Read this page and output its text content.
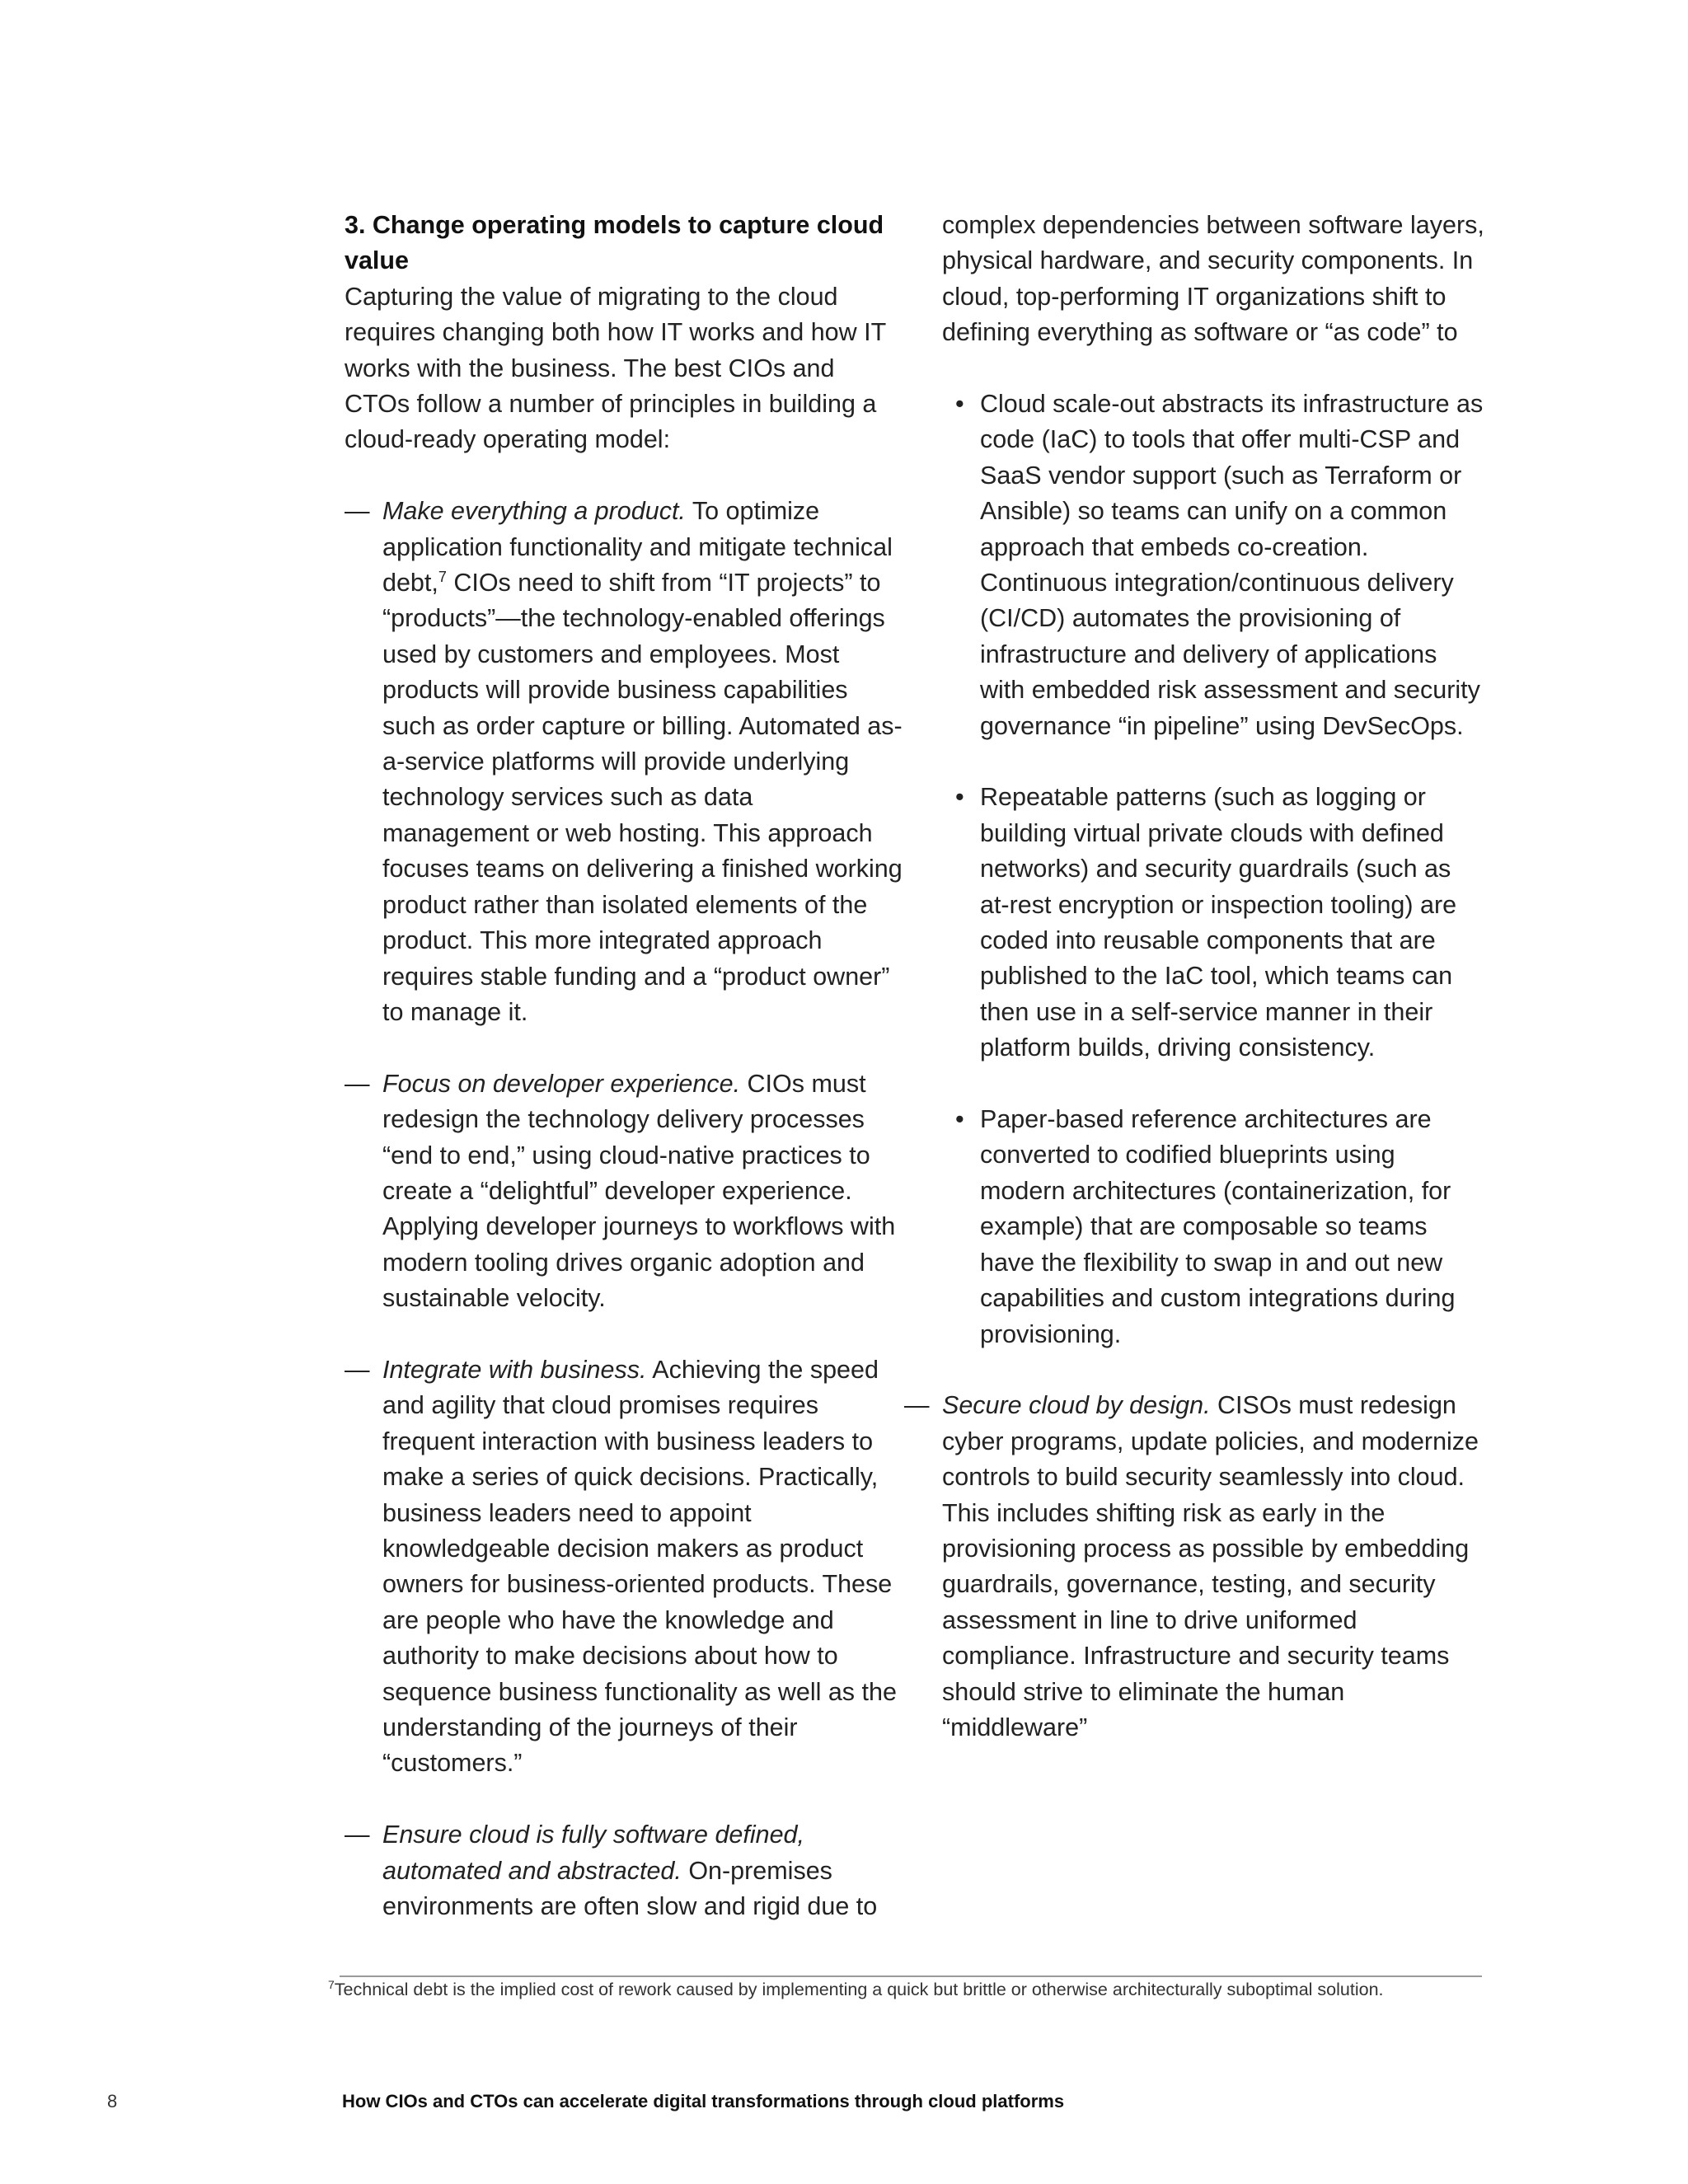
3. Change operating models to capture cloud value

Capturing the value of migrating to the cloud requires changing both how IT works and how IT works with the business. The best CIOs and CTOs follow a number of principles in building a cloud-ready operating model:

— Make everything a product. To optimize application functionality and mitigate technical debt,$^7$ CIOs need to shift from “IT projects” to “products”—the technology-enabled offerings used by customers and employees. Most products will provide business capabilities such as order capture or billing. Automated as-a-service platforms will provide underlying technology services such as data management or web hosting. This approach focuses teams on delivering a finished working product rather than isolated elements of the product. This more integrated approach requires stable funding and a “product owner” to manage it.

— Focus on developer experience. CIOs must redesign the technology delivery processes “end to end,” using cloud-native practices to create a “delightful” developer experience. Applying developer journeys to workflows with modern tooling drives organic adoption and sustainable velocity.

— Integrate with business. Achieving the speed and agility that cloud promises requires frequent interaction with business leaders to make a series of quick decisions. Practically, business leaders need to appoint knowledgeable decision makers as product owners for business-oriented products. These are people who have the knowledge and authority to make decisions about how to sequence business functionality as well as the understanding of the journeys of their “customers.”

— Ensure cloud is fully software defined, automated and abstracted. On-premises environments are often slow and rigid due to

complex dependencies between software layers, physical hardware, and security components. In cloud, top-performing IT organizations shift to defining everything as software or “as code” to

• Cloud scale-out abstracts its infrastructure as code (IaC) to tools that offer multi-CSP and SaaS vendor support (such as Terraform or Ansible) so teams can unify on a common approach that embeds co-creation. Continuous integration/continuous delivery (CI/CD) automates the provisioning of infrastructure and delivery of applications with embedded risk assessment and security governance “in pipeline” using DevSecOps.

• Repeatable patterns (such as logging or building virtual private clouds with defined networks) and security guardrails (such as at-rest encryption or inspection tooling) are coded into reusable components that are published to the IaC tool, which teams can then use in a self-service manner in their platform builds, driving consistency.

• Paper-based reference architectures are converted to codified blueprints using modern architectures (containerization, for example) that are composable so teams have the flexibility to swap in and out new capabilities and custom integrations during provisioning.

— Secure cloud by design. CISOs must redesign cyber programs, update policies, and modernize controls to build security seamlessly into cloud. This includes shifting risk as early in the provisioning process as possible by embedding guardrails, governance, testing, and security assessment in line to drive uniformed compliance. Infrastructure and security teams should strive to eliminate the human “middleware”

$^7$Technical debt is the implied cost of rework caused by implementing a quick but brittle or otherwise architecturally suboptimal solution.
8	How CIOs and CTOs can accelerate digital transformations through cloud platforms
